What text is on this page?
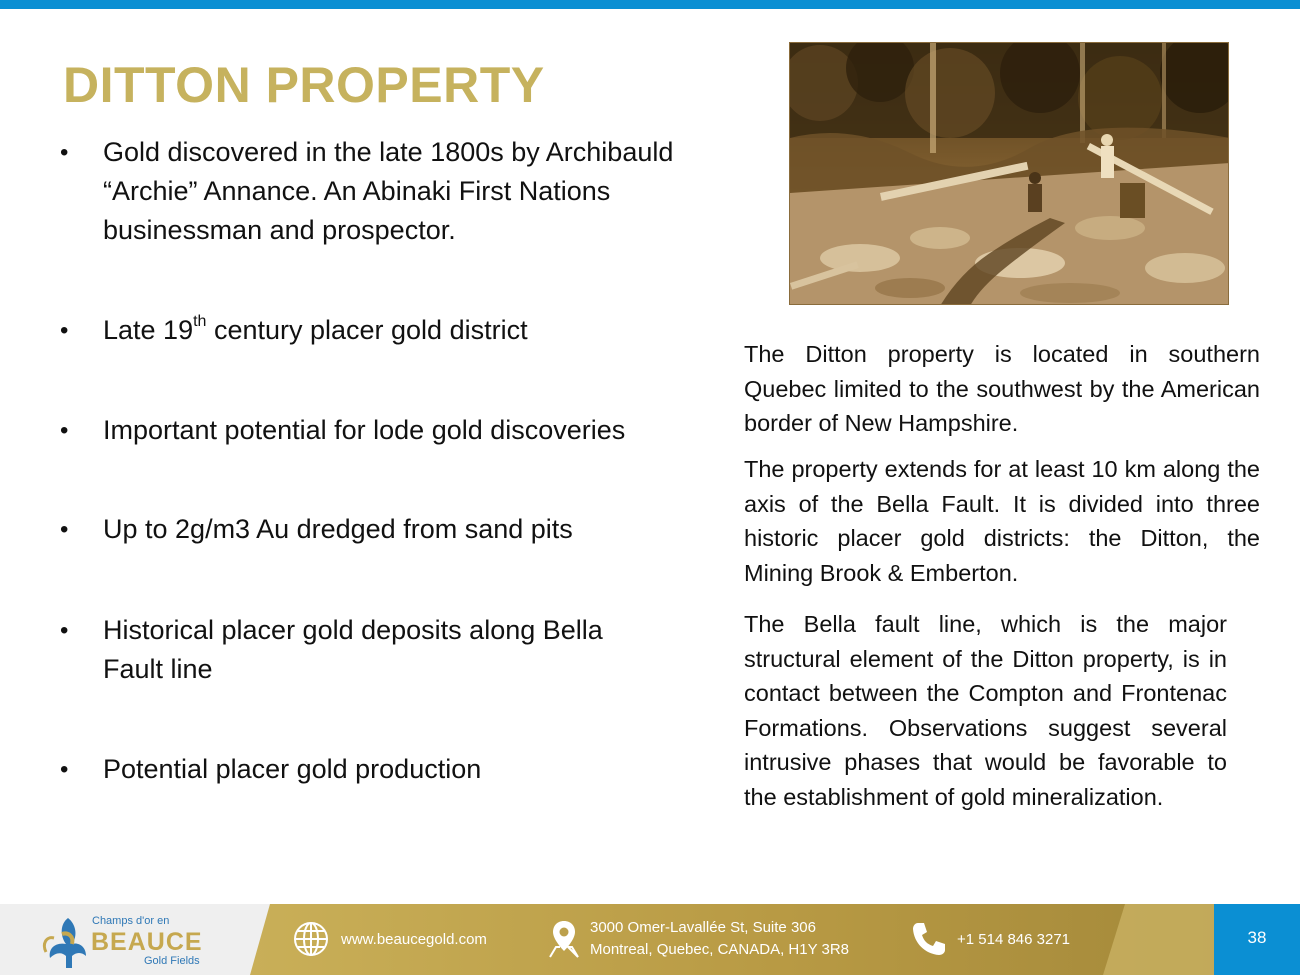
DITTON PROPERTY
• Gold discovered in the late 1800s by Archibauld “Archie” Annance. An Abinaki First Nations businessman and prospector.
• Late 19th century placer gold district
• Important potential for lode gold discoveries
• Up to 2g/m3 Au dredged from sand pits
• Historical placer gold deposits along Bella Fault line
• Potential placer gold production

The Ditton property is located in southern Quebec limited to the southwest by the American border of New Hampshire.

The property extends for at least 10 km along the axis of the Bella Fault. It is divided into three historic placer gold districts: the Ditton, the Mining Brook & Emberton.

The Bella fault line, which is the major structural element of the Ditton property, is in contact between the Compton and Frontenac Formations. Observations suggest several intrusive phases that would be favorable to the establishment of gold mineralization.

38
Champs d'or en
BEAUCE
Gold Fields
www.beaucegold.com
3000 Omer-Lavallée St, Suite 306
Montreal, Quebec, CANADA, H1Y 3R8
+1 514 846 3271
